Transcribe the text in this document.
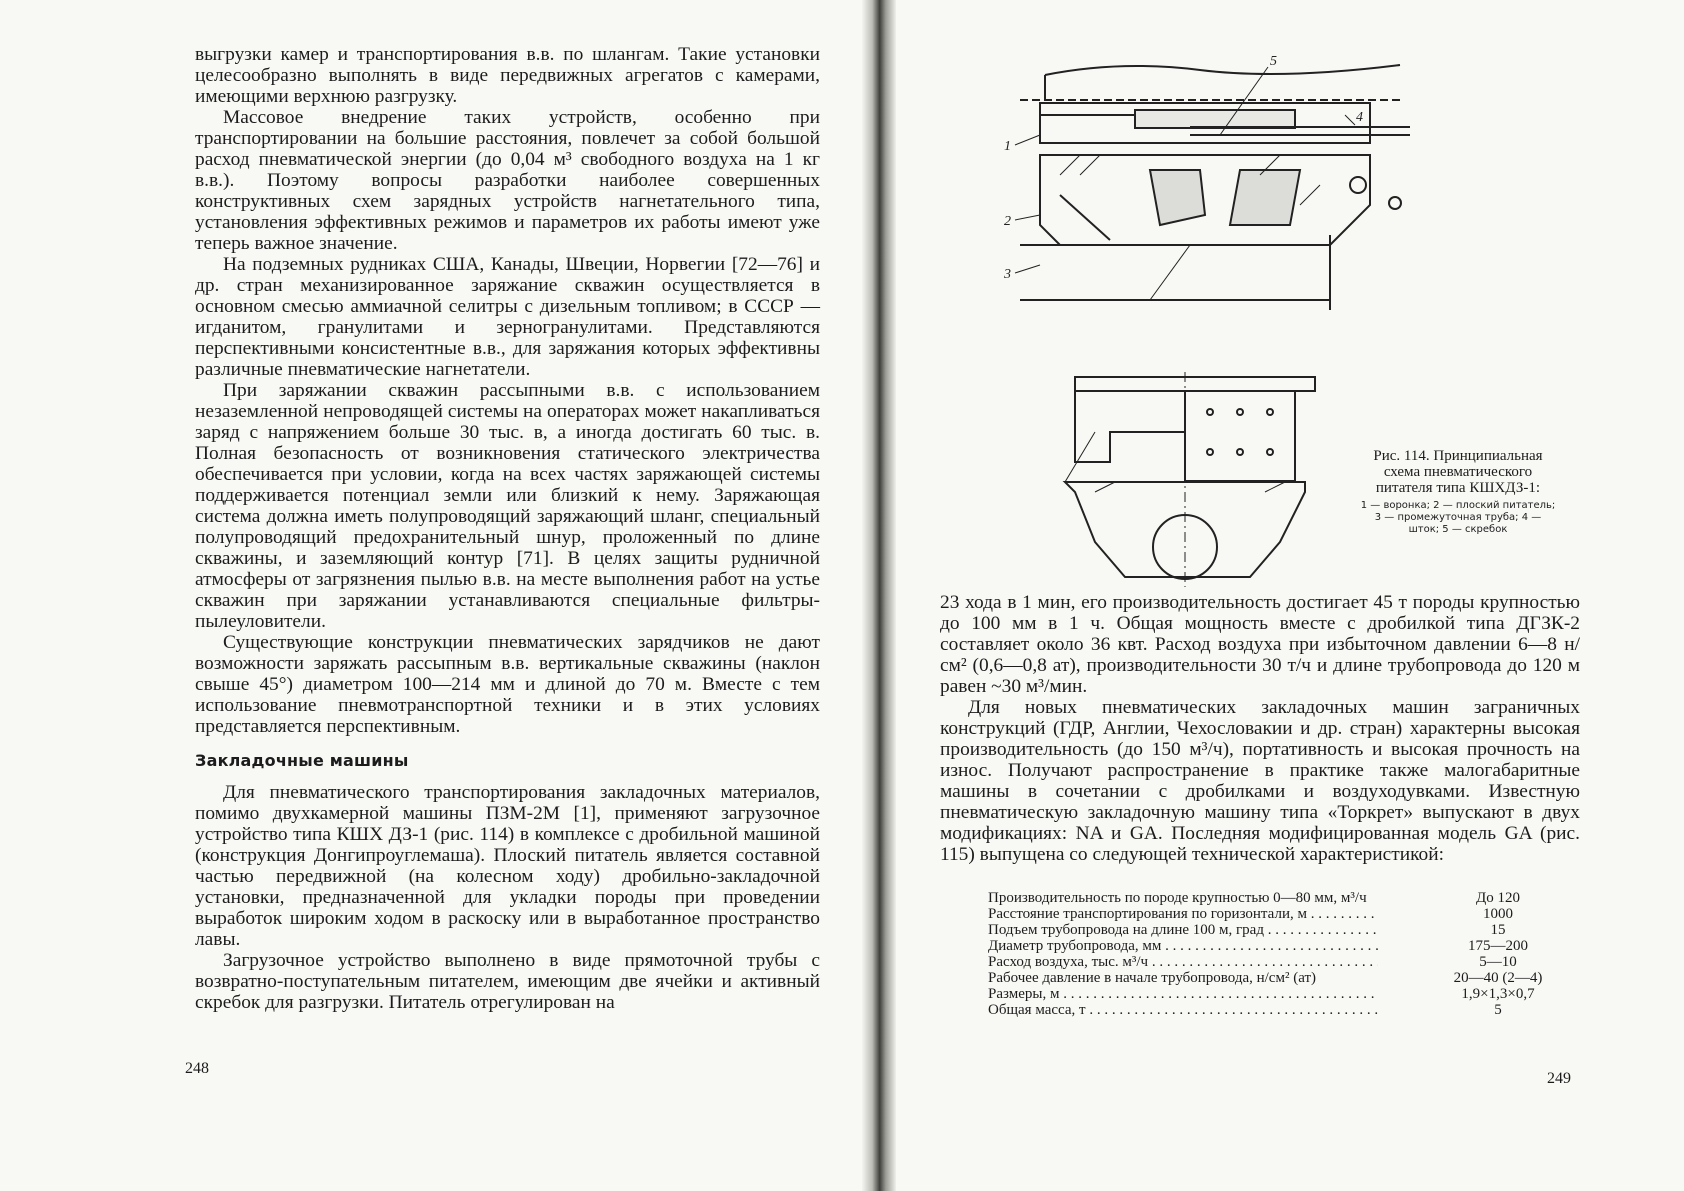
выгрузки камер и транспортирования в.в. по шлангам. Такие установки целесообразно выполнять в виде передвижных агрегатов с камерами, имеющими верхнюю разгрузку.

Массовое внедрение таких устройств, особенно при транспортировании на большие расстояния, повлечет за собой большой расход пневматической энергии (до 0,04 м³ свободного воздуха на 1 кг в.в.). Поэтому вопросы разработки наиболее совершенных конструктивных схем зарядных устройств нагнетательного типа, установления эффективных режимов и параметров их работы имеют уже теперь важное значение.

На подземных рудниках США, Канады, Швеции, Норвегии [72—76] и др. стран механизированное заряжание скважин осуществляется в основном смесью аммиачной селитры с дизельным топливом; в СССР — игданитом, гранулитами и зерногранулитами. Представляются перспективными консистентные в.в., для заряжания которых эффективны различные пневматические нагнетатели.

При заряжании скважин рассыпными в.в. с использованием незаземленной непроводящей системы на операторах может накапливаться заряд с напряжением больше 30 тыс. в, а иногда достигать 60 тыс. в. Полная безопасность от возникновения статического электричества обеспечивается при условии, когда на всех частях заряжающей системы поддерживается потенциал земли или близкий к нему. Заряжающая система должна иметь полупроводящий заряжающий шланг, специальный полупроводящий предохранительный шнур, проложенный по длине скважины, и заземляющий контур [71]. В целях защиты рудничной атмосферы от загрязнения пылью в.в. на месте выполнения работ на устье скважин при заряжании устанавливаются специальные фильтры-пылеуловители.

Существующие конструкции пневматических зарядчиков не дают возможности заряжать рассыпным в.в. вертикальные скважины (наклон свыше 45°) диаметром 100—214 мм и длиной до 70 м. Вместе с тем использование пневмотранспортной техники и в этих условиях представляется перспективным.

Закладочные машины

Для пневматического транспортирования закладочных материалов, помимо двухкамерной машины ПЗМ-2М [1], применяют загрузочное устройство типа КШХ ДЗ-1 (рис. 114) в комплексе с дробильной машиной (конструкция Донгипроуглемаша). Плоский питатель является составной частью передвижной (на колесном ходу) дробильно-закладочной установки, предназначенной для укладки породы при проведении выработок широким ходом в раскоску или в выработанное пространство лавы.

Загрузочное устройство выполнено в виде прямоточной трубы с возвратно-поступательным питателем, имеющим две ячейки и активный скребок для разгрузки. Питатель отрегулирован на

248
1
2
3
4
5

Рис. 114. Принципиальная схема пневматического питателя типа КШХДЗ-1:

1 — воронка; 2 — плоский питатель; 3 — промежуточная труба; 4 — шток; 5 — скребок

23 хода в 1 мин, его производительность достигает 45 т породы крупностью до 100 мм в 1 ч. Общая мощность вместе с дробилкой типа ДГЗК-2 составляет около 36 квт. Расход воздуха при избыточном давлении 6—8 н/см² (0,6—0,8 ат), производительности 30 т/ч и длине трубопровода до 120 м равен ~30 м³/мин.

Для новых пневматических закладочных машин заграничных конструкций (ГДР, Англии, Чехословакии и др. стран) характерны высокая производительность (до 150 м³/ч), портативность и высокая прочность на износ. Получают распространение в практике также малогабаритные машины в сочетании с дробилками и воздуходувками. Известную пневматическую закладочную машину типа «Торкрет» выпускают в двух модификациях: NA и GA. Последняя модифицированная модель GA (рис. 115) выпущена со следующей технической характеристикой:

Производительность по породе крупностью 0—80 мм, м³/ч	До 120
Расстояние транспортирования по горизонтали, м . . .	1000
Подъем трубопровода на длине 100 м, град . . .	15
Диаметр трубопровода, мм . . .	175—200
Расход воздуха, тыс. м³/ч . . .	5—10
Рабочее давление в начале трубопровода, н/см² (ат)	20—40 (2—4)
Размеры, м . . .	1,9×1,3×0,7
Общая масса, т . . .	5
249
